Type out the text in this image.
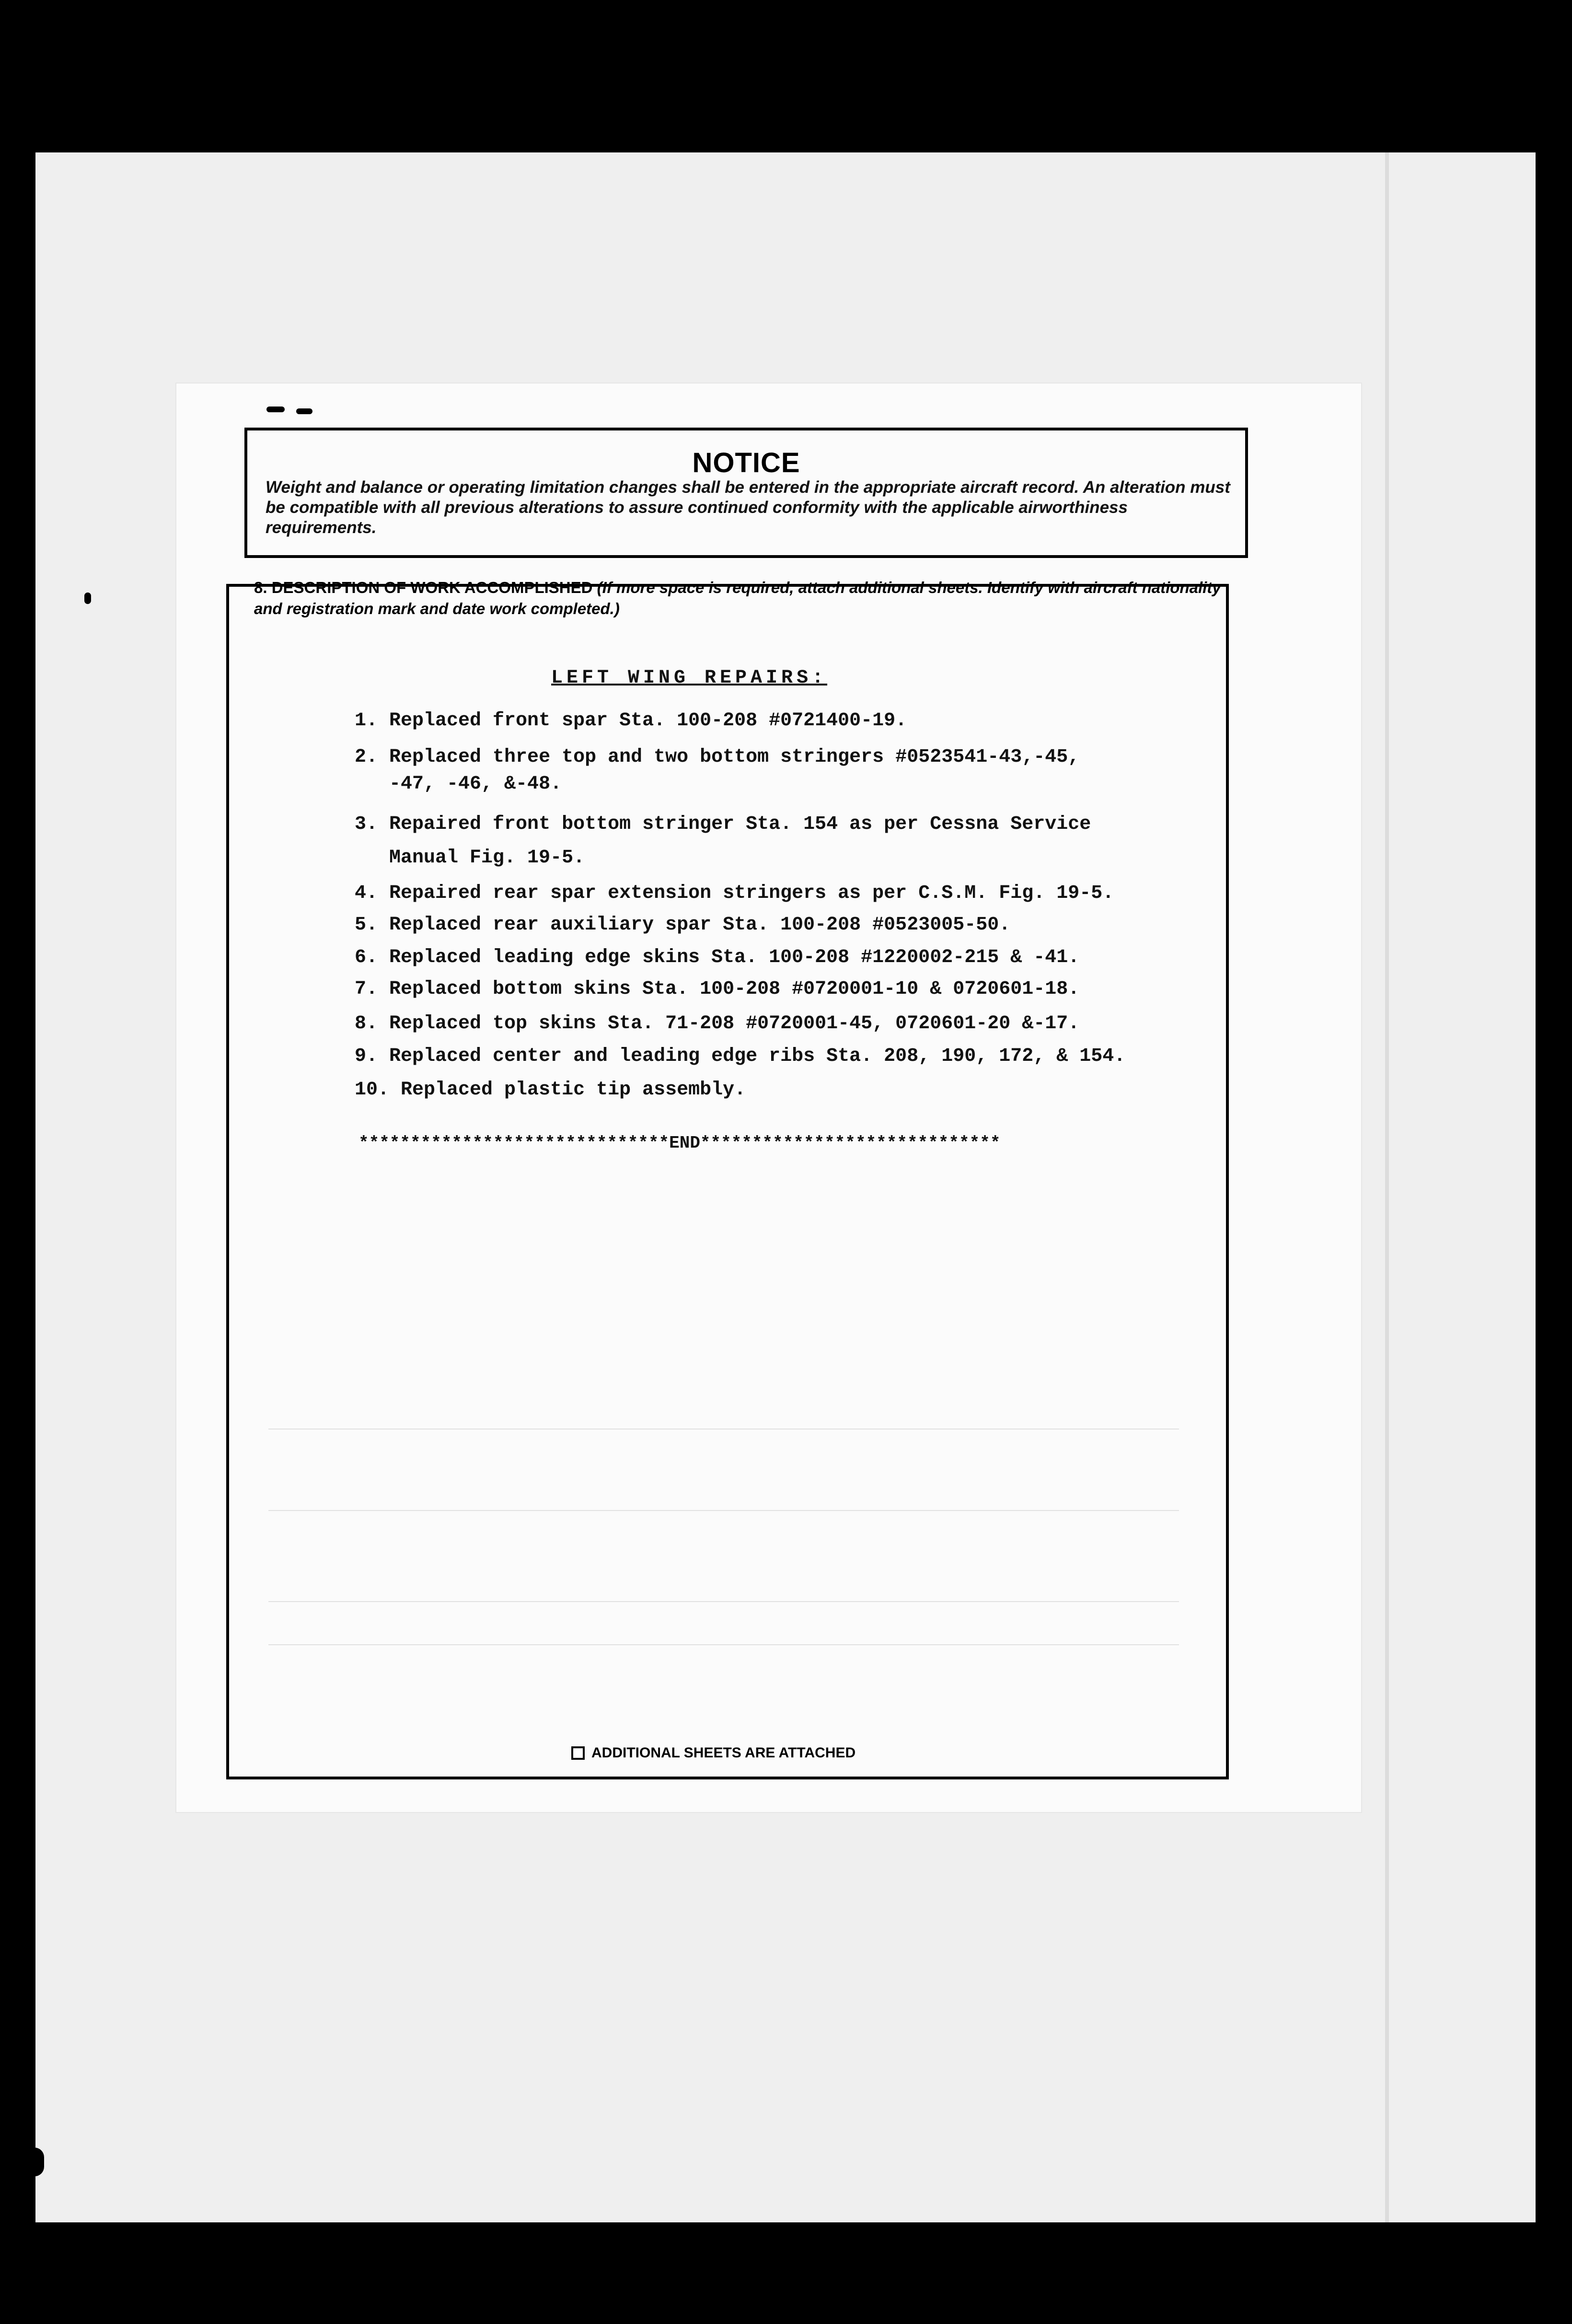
NOTICE
Weight and balance or operating limitation changes shall be entered in the appropriate aircraft record. An alteration must be compatible with all previous alterations to assure continued conformity with the applicable airworthiness requirements.
8. DESCRIPTION OF WORK ACCOMPLISHED (If more space is required, attach additional sheets. Identify with aircraft nationality and registration mark and date work completed.)
LEFT WING REPAIRS:
1. Replaced front spar Sta. 100-208 #0721400-19.
2. Replaced three top and two bottom stringers #0523541-43,-45,
-47, -46, &-48.
3. Repaired front bottom stringer Sta. 154 as per Cessna Service
Manual Fig. 19-5.
4. Repaired rear spar extension stringers as per C.S.M. Fig. 19-5.
5. Replaced rear auxiliary spar Sta. 100-208 #0523005-50.
6. Replaced leading edge skins Sta. 100-208 #1220002-215 & -41.
7. Replaced bottom skins Sta. 100-208 #0720001-10 & 0720601-18.
8. Replaced top skins Sta. 71-208 #0720001-45, 0720601-20 &-17.
9. Replaced center and leading edge ribs Sta. 208, 190, 172, & 154.
10. Replaced plastic tip assembly.
******************************END*****************************
ADDITIONAL SHEETS ARE ATTACHED
